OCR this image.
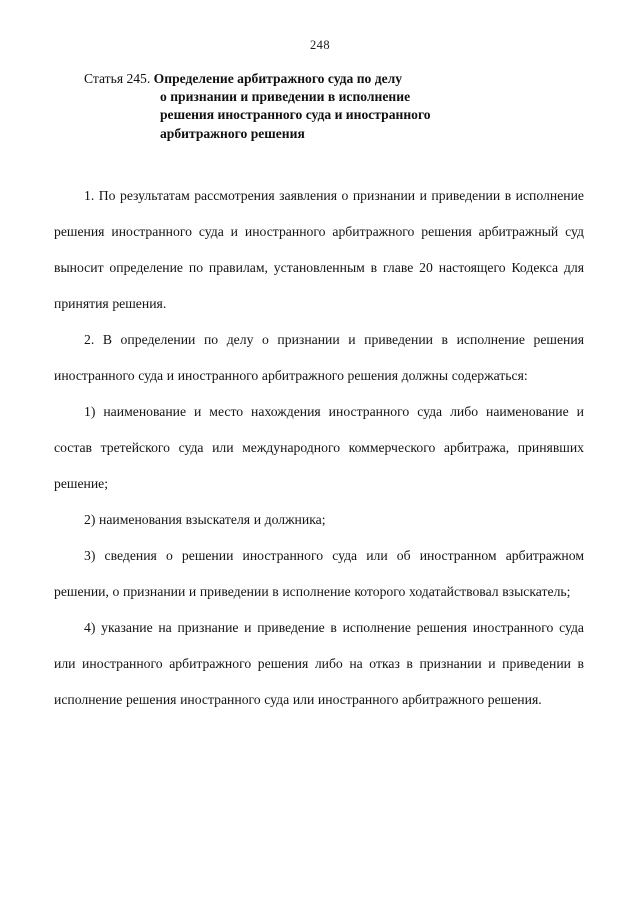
248
Статья 245. Определение арбитражного суда по делу
о признании и приведении в исполнение
решения иностранного суда и иностранного
арбитражного решения

1. По результатам рассмотрения заявления о признании и приведении в исполнение решения иностранного суда и иностранного арбитражного решения арбитражный суд выносит определение по правилам, установленным в главе 20 настоящего Кодекса для принятия решения.

2. В определении по делу о признании и приведении в исполнение решения иностранного суда и иностранного арбитражного решения должны содержаться:

1) наименование и место нахождения иностранного суда либо наименование и состав третейского суда или международного коммерческого арбитража, принявших решение;

2) наименования взыскателя и должника;

3) сведения о решении иностранного суда или об иностранном арбитражном решении, о признании и приведении в исполнение которого ходатайствовал взыскатель;

4) указание на признание и приведение в исполнение решения иностранного суда или иностранного арбитражного решения либо на отказ в признании и приведении в исполнение решения иностранного суда или иностранного арбитражного решения.
